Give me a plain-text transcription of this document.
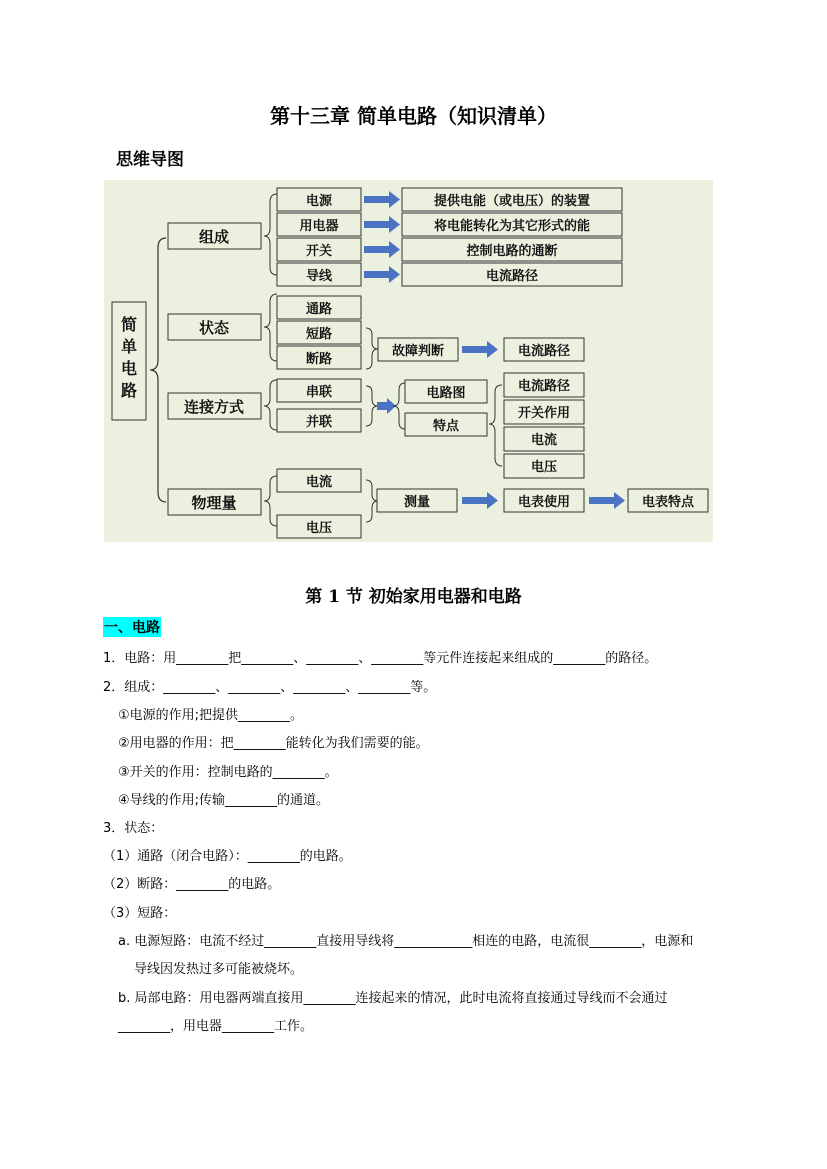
第十三章 简单电路（知识清单）
思维导图
简
单
电
路
组成
电源
用电器
开关
导线
提供电能（或电压）的装置
将电能转化为其它形式的能
控制电路的通断
电流路径
状态
通路
短路
断路
故障判断	电流路径
连接方式
串联
并联
电路图
特点
电流路径
开关作用
电流
电压
物理量
电流
电压
测量	电表使用	电表特点
第 1 节 初始家用电器和电路
一、电路
1．电路：用________把________、________、________等元件连接起来组成的________的路径。
2．组成：________、________、________、________等。
①电源的作用;把提供________。
②用电器的作用：把________能转化为我们需要的能。
③开关的作用：控制电路的________。
④导线的作用;传输________的通道。
3．状态：
（1）通路（闭合电路）：________的电路。
（2）断路：________的电路。
（3）短路：
a. 电源短路：电流不经过________直接用导线将____________相连的电路，电流很________，电源和
导线因发热过多可能被烧坏。
b. 局部电路：用电器两端直接用________连接起来的情况，此时电流将直接通过导线而不会通过
________，用电器________工作。
